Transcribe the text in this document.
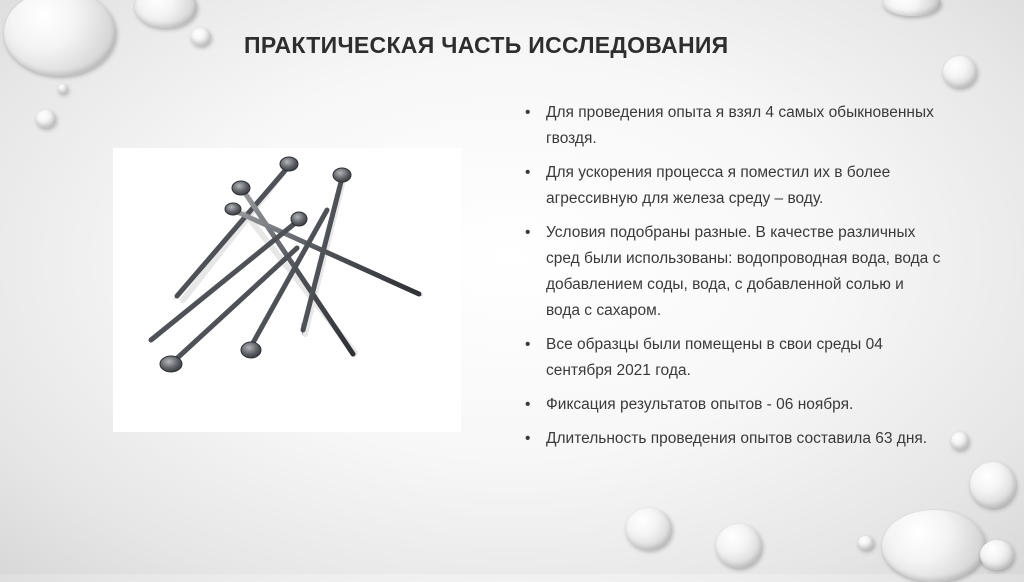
ПРАКТИЧЕСКАЯ ЧАСТЬ ИССЛЕДОВАНИЯ
• Для проведения опыта я взял 4 самых обыкновенных гвоздя.
• Для ускорения процесса я поместил их в более агрессивную для железа среду – воду.
• Условия подобраны разные. В качестве различных сред были использованы: водопроводная вода, вода с добавлением соды, вода, с добавленной солью и вода с сахаром.
• Все образцы были помещены в свои среды 04 сентября 2021 года.
• Фиксация результатов опытов - 06 ноября.
• Длительность проведения опытов составила 63 дня.
